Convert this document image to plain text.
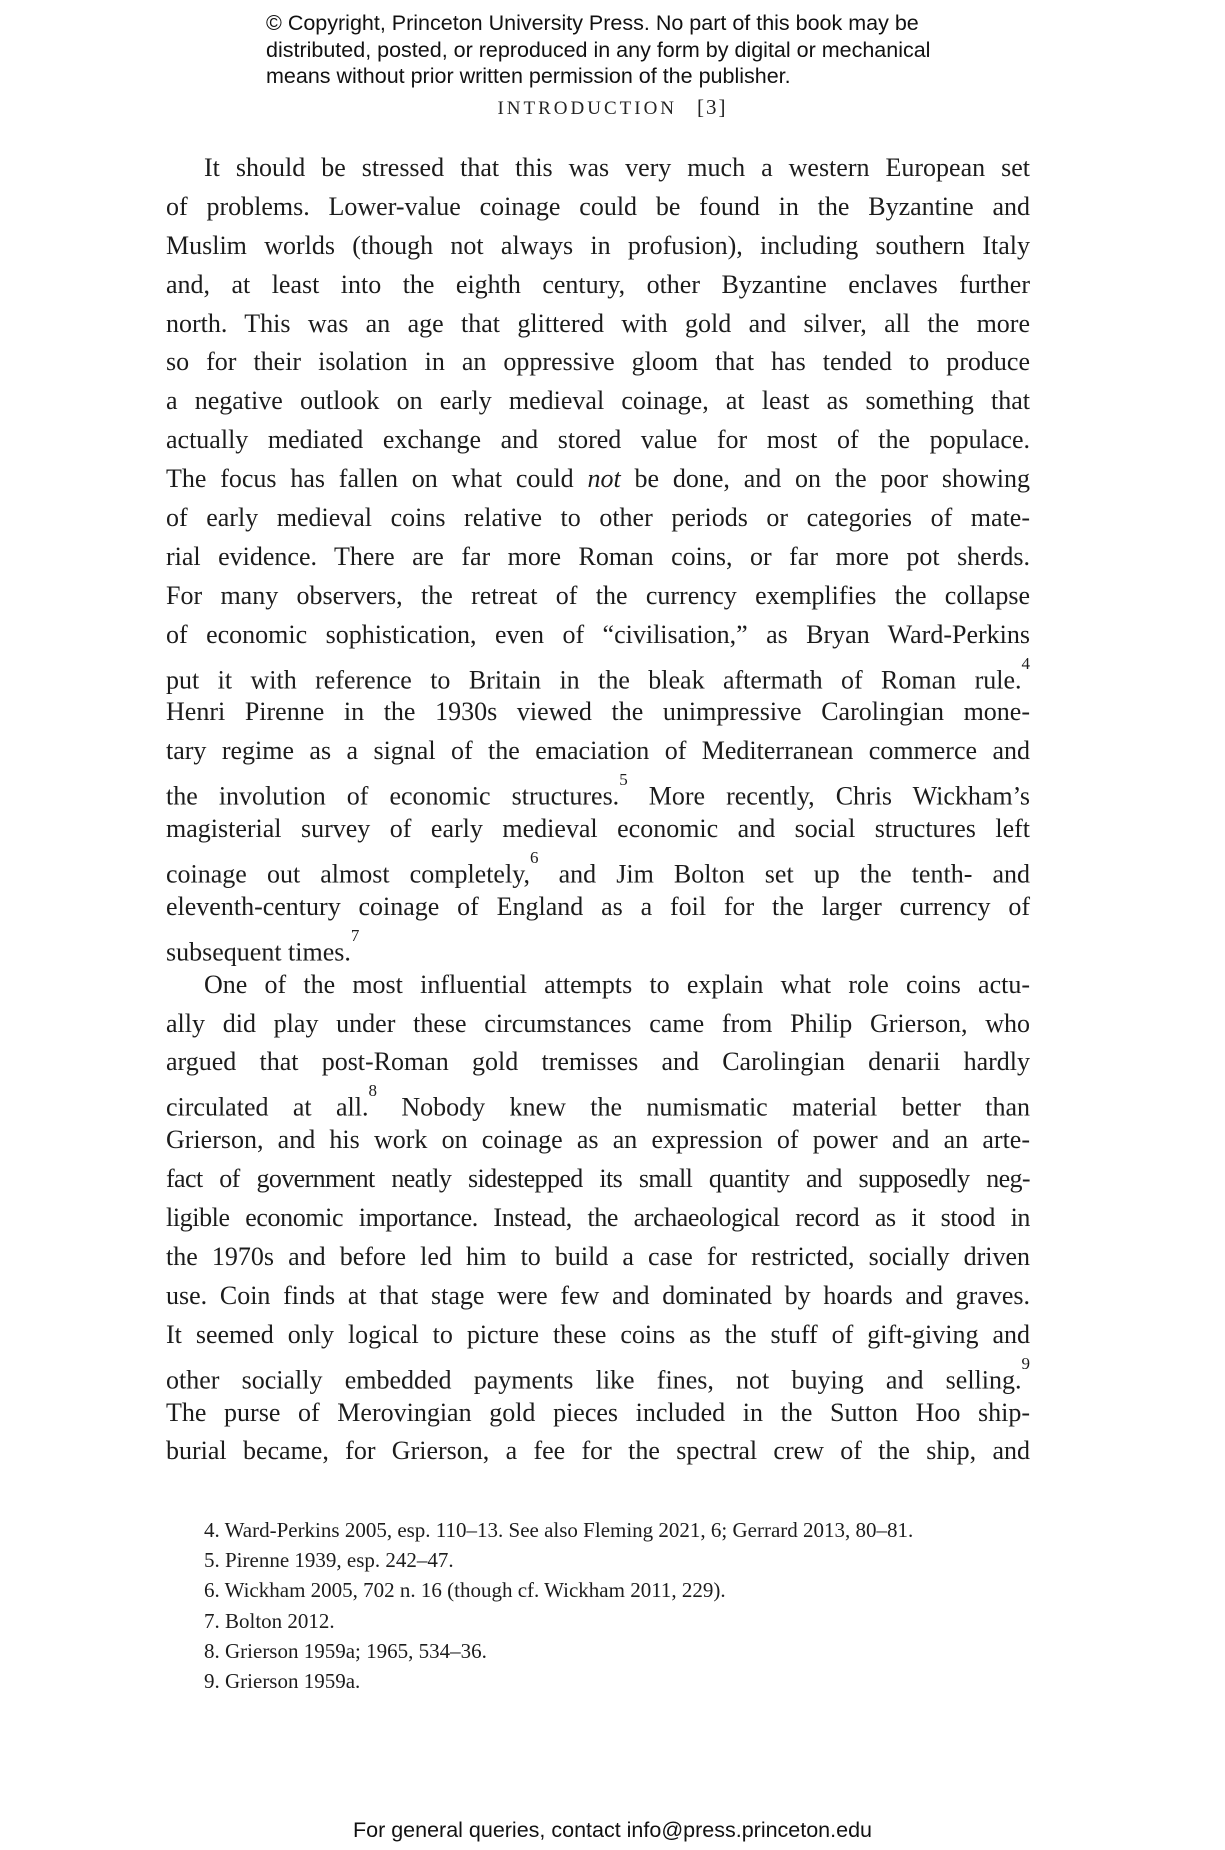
© Copyright, Princeton University Press. No part of this book may be
distributed, posted, or reproduced in any form by digital or mechanical
means without prior written permission of the publisher.
INTRODUCTION [3]
It should be stressed that this was very much a western European set
of problems. Lower-value coinage could be found in the Byzantine and
Muslim worlds (though not always in profusion), including southern Italy
and, at least into the eighth century, other Byzantine enclaves further
north. This was an age that glittered with gold and silver, all the more
so for their isolation in an oppressive gloom that has tended to produce
a negative outlook on early medieval coinage, at least as something that
actually mediated exchange and stored value for most of the populace.
The focus has fallen on what could not be done, and on the poor showing
of early medieval coins relative to other periods or categories of mate-
rial evidence. There are far more Roman coins, or far more pot sherds.
For many observers, the retreat of the currency exemplifies the collapse
of economic sophistication, even of “civilisation,” as Bryan Ward-Perkins
put it with reference to Britain in the bleak aftermath of Roman rule.$^4$
Henri Pirenne in the 1930s viewed the unimpressive Carolingian mone-
tary regime as a signal of the emaciation of Mediterranean commerce and
the involution of economic structures.$^5$ More recently, Chris Wickham’s
magisterial survey of early medieval economic and social structures left
coinage out almost completely,$^6$ and Jim Bolton set up the tenth- and
eleventh-century coinage of England as a foil for the larger currency of
subsequent times.$^7$
One of the most influential attempts to explain what role coins actu-
ally did play under these circumstances came from Philip Grierson, who
argued that post-Roman gold tremisses and Carolingian denarii hardly
circulated at all.$^8$ Nobody knew the numismatic material better than
Grierson, and his work on coinage as an expression of power and an arte-
fact of government neatly sidestepped its small quantity and supposedly neg-
ligible economic importance. Instead, the archaeological record as it stood in
the 1970s and before led him to build a case for restricted, socially driven
use. Coin finds at that stage were few and dominated by hoards and graves.
It seemed only logical to picture these coins as the stuff of gift-giving and
other socially embedded payments like fines, not buying and selling.$^9$
The purse of Merovingian gold pieces included in the Sutton Hoo ship-
burial became, for Grierson, a fee for the spectral crew of the ship, and
4. Ward-Perkins 2005, esp. 110–13. See also Fleming 2021, 6; Gerrard 2013, 80–81.
5. Pirenne 1939, esp. 242–47.
6. Wickham 2005, 702 n. 16 (though cf. Wickham 2011, 229).
7. Bolton 2012.
8. Grierson 1959a; 1965, 534–36.
9. Grierson 1959a.
For general queries, contact info@press.princeton.edu
